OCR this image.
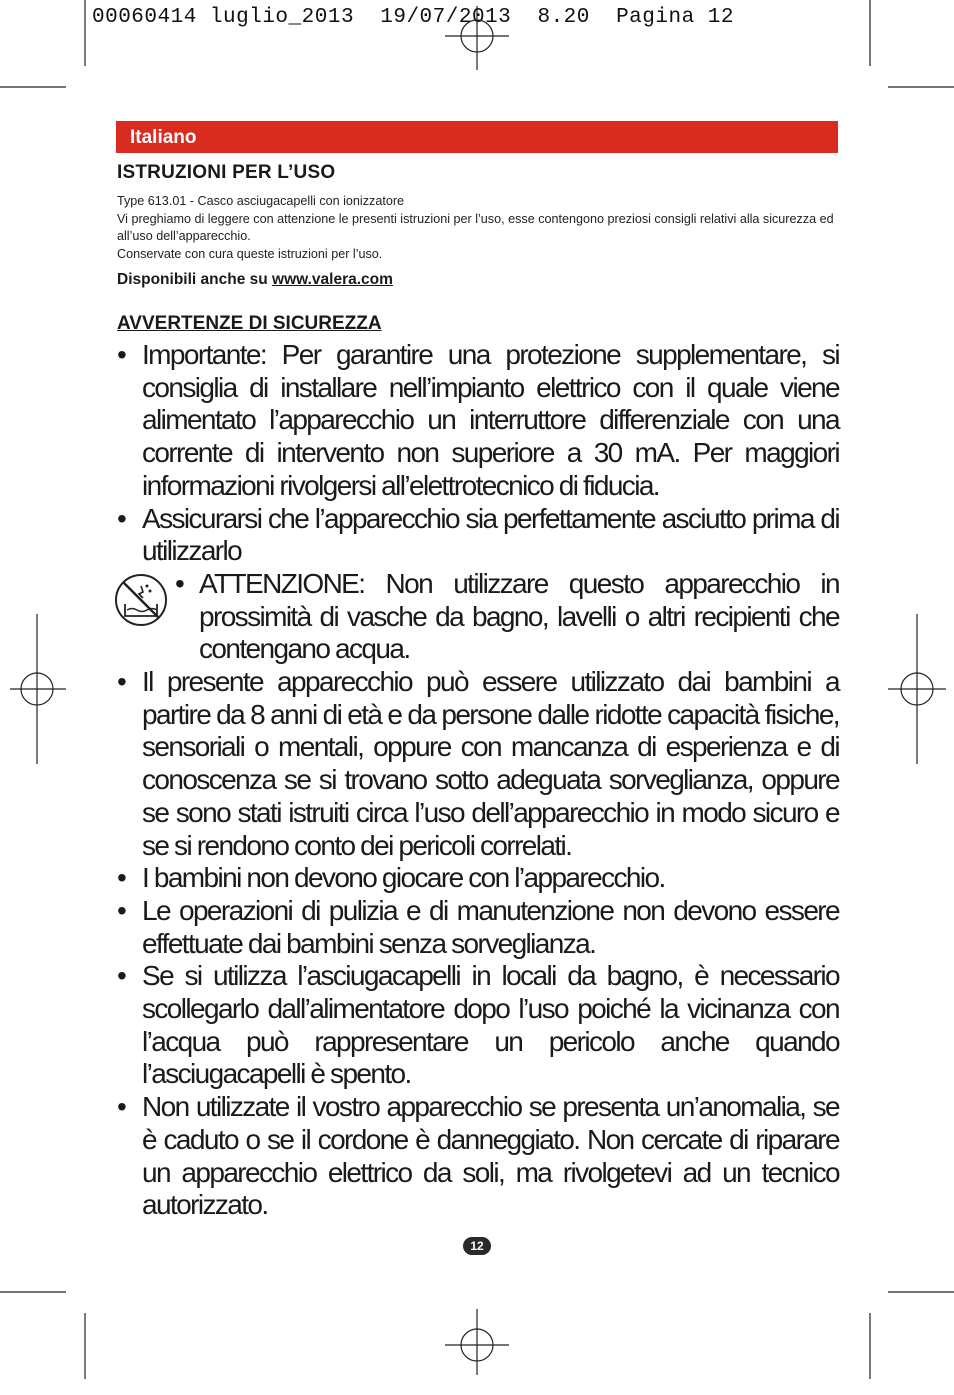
00060414 luglio_2013  19/07/2013  8.20  Pagina 12
Italiano
ISTRUZIONI PER L’USO

Type 613.01 - Casco asciugacapelli con ionizzatore

Vi preghiamo di leggere con attenzione le presenti istruzioni per l’uso, esse contengono preziosi consigli relativi alla sicurezza ed all’uso dell’apparecchio.

Conservate con cura queste istruzioni per l’uso.

Disponibili anche su www.valera.com
AVVERTENZE DI SICUREZZA
• Importante: Per garantire una protezione supplementare, si consiglia di installare nell’impianto elettrico con il quale viene alimentato l’apparecchio un interruttore differenziale con una corrente di intervento non superiore a 30 mA. Per maggiori informazioni rivolgersi all’elettrotecnico di fiducia.
• Assicurarsi che l’apparecchio sia perfettamente asciutto prima di utilizzarlo
• ATTENZIONE: Non utilizzare questo apparecchio in prossimità di vasche da bagno, lavelli o altri recipienti che contengano acqua.
• Il presente apparecchio può essere utilizzato dai bambini a partire da 8 anni di età e da persone dalle ridotte capacità fisiche, sensoriali o mentali, oppure con mancanza di esperienza e di conoscenza se si trovano sotto adeguata sorveglianza, oppure se sono stati istruiti circa l’uso dell’apparecchio in modo sicuro e se si rendono conto dei pericoli correlati.
• I bambini non devono giocare con l’apparecchio.
• Le operazioni di pulizia e di manutenzione non devono essere effettuate dai bambini senza sorveglianza.
• Se si utilizza l’asciugacapelli in locali da bagno, è necessario scollegarlo dall’alimentatore dopo l’uso poiché la vicinanza con l’acqua può rappresentare un pericolo anche quando l’asciugacapelli è spento.
• Non utilizzate il vostro apparecchio se presenta un’anomalia, se è caduto o se il cordone è danneggiato. Non cercate di riparare un apparecchio elettrico da soli, ma rivolgetevi ad un tecnico autorizzato.
12
